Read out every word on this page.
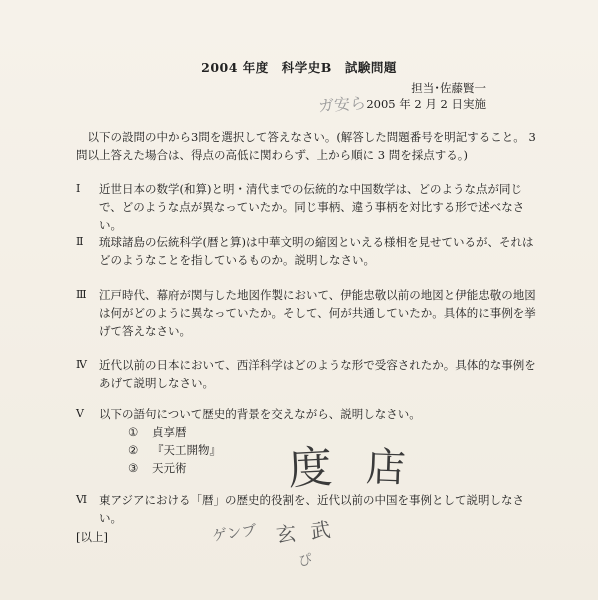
2004 年度　科学史B　試験問題
担当･佐藤賢一
2005 年 2 月 2 日実施
以下の設問の中から3問を選択して答えなさい。(解答した問題番号を明記すること。 3 問以上答えた場合は、得点の高低に関わらず、上から順に 3 問を採点する。)
Ⅰ	近世日本の数学(和算)と明・清代までの伝統的な中国数学は、どのような点が同じで、どのような点が異なっていたか。同じ事柄、違う事柄を対比する形で述べなさい。
Ⅱ	琉球諸島の伝統科学(暦と算)は中華文明の縮図といえる様相を見せているが、それはどのようなことを指しているものか。説明しなさい。
Ⅲ	江戸時代、幕府が関与した地図作製において、伊能忠敬以前の地図と伊能忠敬の地図は何がどのように異なっていたか。そして、何が共通していたか。具体的に事例を挙げて答えなさい。
Ⅳ	近代以前の日本において、西洋科学はどのような形で受容されたか。具体的な事例をあげて説明しなさい。
Ⅴ	以下の語句について歴史的背景を交えながら、説明しなさい。
① 貞享暦
② 『天工開物』
③ 天元術
Ⅵ	東アジアにおける「暦」の歴史的役割を、近代以前の中国を事例として説明しなさい。
[以上]
ガ安ら
度 店
ゲンブ 玄 武
ぴ
